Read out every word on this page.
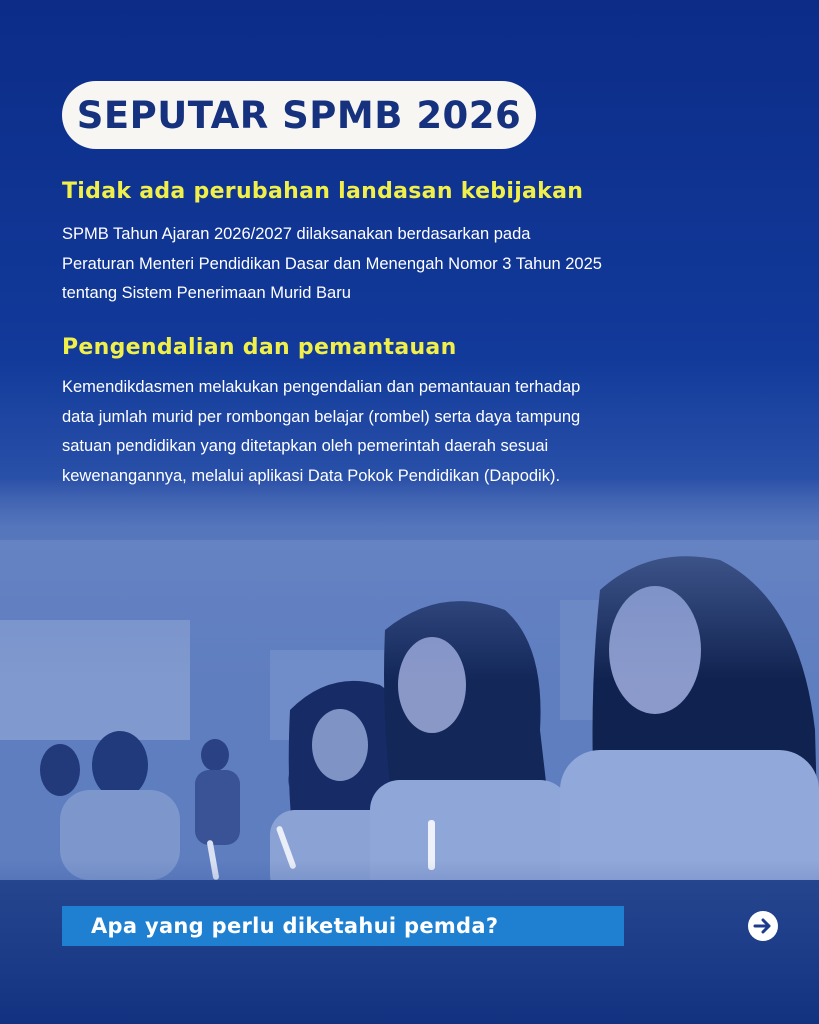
SEPUTAR SPMB 2026
Tidak ada perubahan landasan kebijakan
SPMB Tahun Ajaran 2026/2027 dilaksanakan berdasarkan pada
Peraturan Menteri Pendidikan Dasar dan Menengah Nomor 3 Tahun 2025
tentang Sistem Penerimaan Murid Baru
Pengendalian dan pemantauan
Kemendikdasmen melakukan pengendalian dan pemantauan terhadap
data jumlah murid per rombongan belajar (rombel) serta daya tampung
satuan pendidikan yang ditetapkan oleh pemerintah daerah sesuai
kewenangannya, melalui aplikasi Data Pokok Pendidikan (Dapodik).
Apa yang perlu diketahui pemda?
